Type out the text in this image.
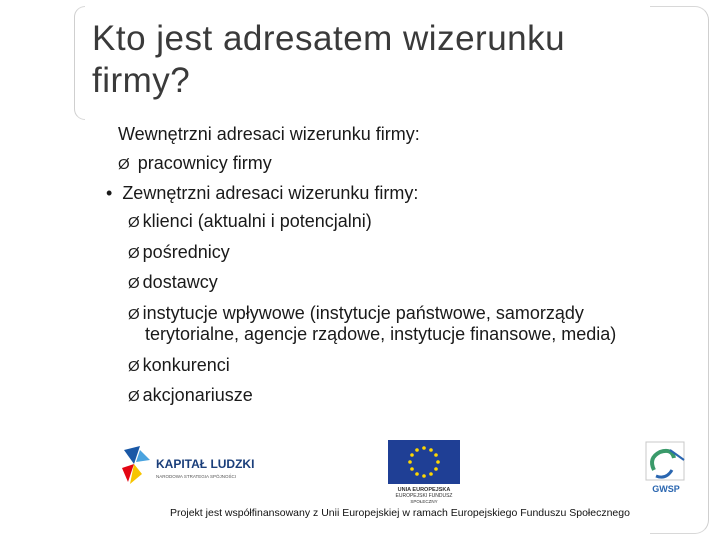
Kto jest adresatem wizerunku firmy?
Wewnętrzni adresaci wizerunku firmy:
Ø pracownicy firmy
• Zewnętrzni adresaci wizerunku firmy:
Ø klienci (aktualni i potencjalni)
Ø pośrednicy
Ø dostawcy
Ø instytucje wpływowe (instytucje państwowe, samorządy
terytorialne, agencje rządowe, instytucje finansowe, media)
Ø konkurenci
Ø akcjonariusze
KAPITAŁ LUDZKI
NARODOWA STRATEGIA SPÓJNOŚCI
UNIA EUROPEJSKA
EUROPEJSKI FUNDUSZ
SPOŁECZNY
GWSP
Projekt jest współfinansowany z Unii Europejskiej w ramach Europejskiego Funduszu Społecznego
